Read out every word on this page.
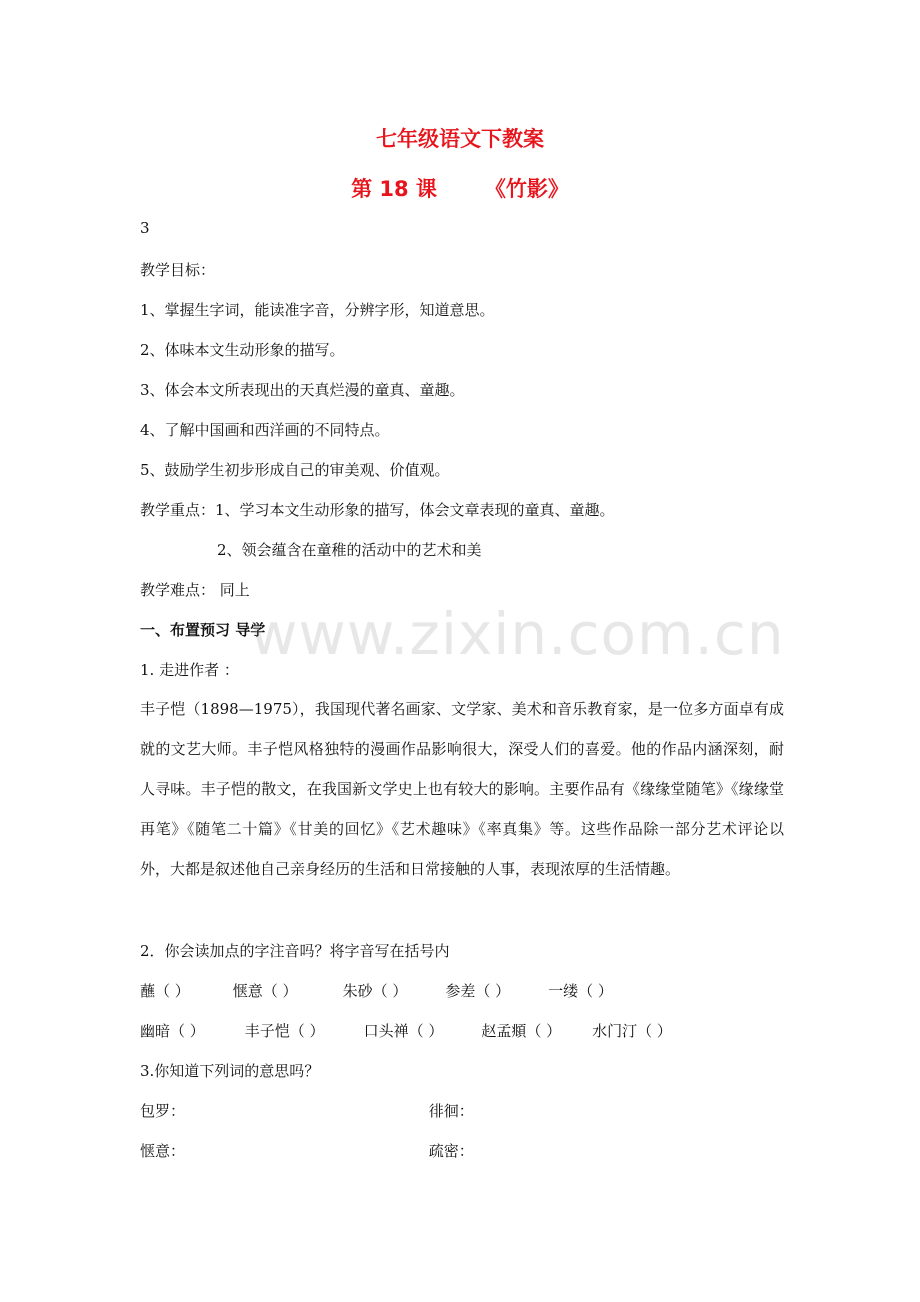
七年级语文下教案
第 18 课 《竹影》
3
教学目标：
1、掌握生字词，能读准字音，分辨字形，知道意思。
2、体味本文生动形象的描写。
3、体会本文所表现出的天真烂漫的童真、童趣。
4、了解中国画和西洋画的不同特点。
5、鼓励学生初步形成自己的审美观、价值观。
教学重点：1、学习本文生动形象的描写，体会文章表现的童真、童趣。
2、领会蕴含在童稚的活动中的艺术和美
教学难点： 同上
一、布置预习 导学
1. 走进作者 ：
丰子恺（1898—1975），我国现代著名画家、文学家、美术和音乐教育家，是一位多方面卓有成就的文艺大师。丰子恺风格独特的漫画作品影响很大，深受人们的喜爱。他的作品内涵深刻，耐人寻味。丰子恺的散文，在我国新文学史上也有较大的影响。主要作品有《缘缘堂随笔》《缘缘堂再笔》《随笔二十篇》《甘美的回忆》《艺术趣味》《率真集》等。这些作品除一部分艺术评论以外，大都是叙述他自己亲身经历的生活和日常接触的人事，表现浓厚的生活情趣。
2．你会读加点的字注音吗？将字音写在括号内
蘸（ ）	惬意（ ）	朱砂（ ）	参差（ ）	一缕（ ）
幽暗（ ）	丰子恺（ ）	口头禅（ ）	赵孟頫（ ） 水门汀（ ）
3.你知道下列词的意思吗？
包罗：	徘徊：
惬意：	疏密：
www.zixin.com.cn
